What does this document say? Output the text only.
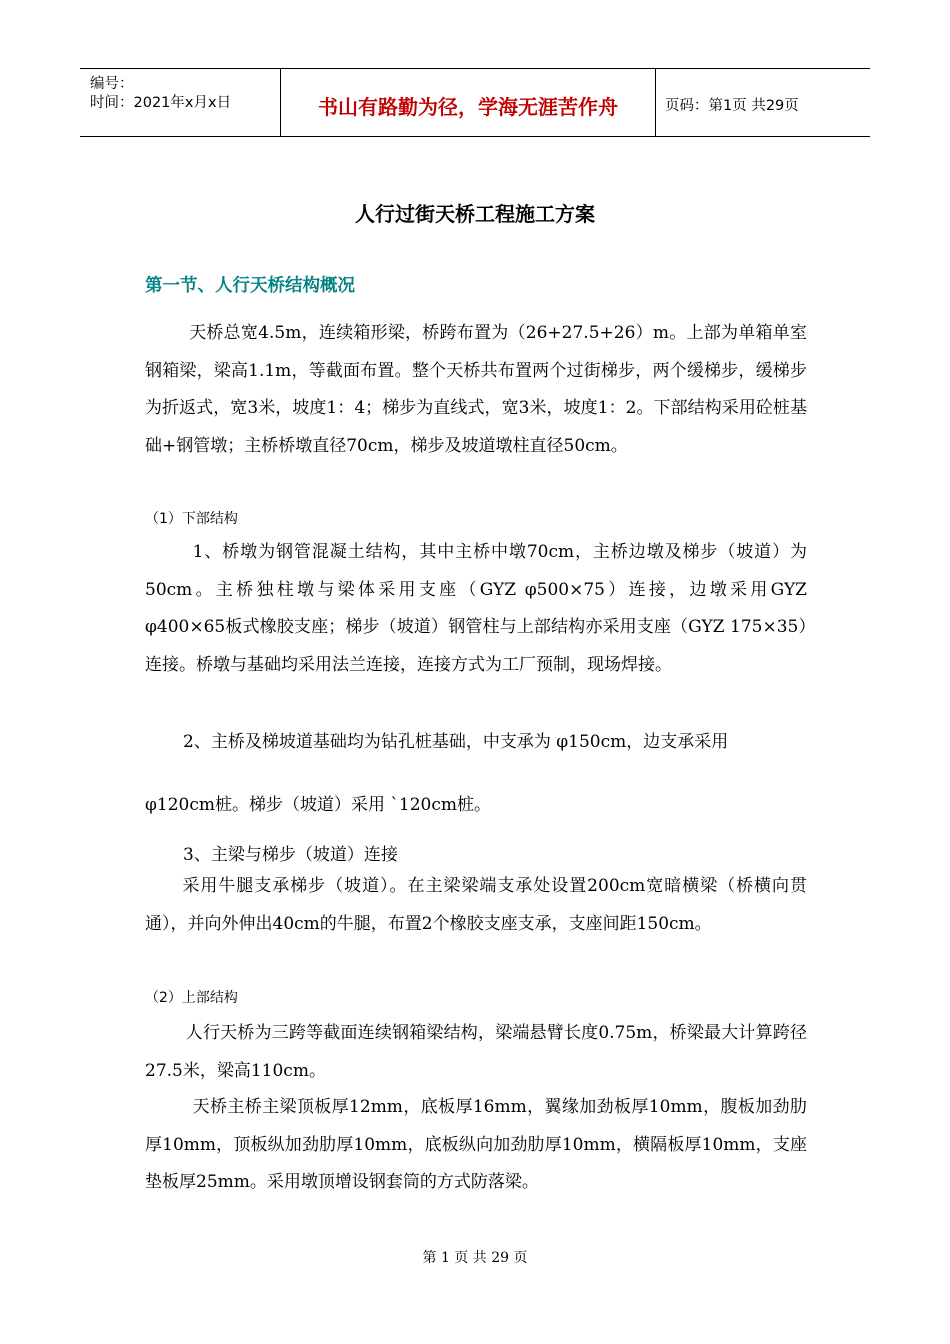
编号：
时间：2021年x月x日	书山有路勤为径，学海无涯苦作舟	页码：第1页 共29页
人行过街天桥工程施工方案
第一节、人行天桥结构概况

天桥总宽4.5m，连续箱形梁，桥跨布置为（26+27.5+26）m。上部为单箱单室钢箱梁，梁高1.1m，等截面布置。整个天桥共布置两个过街梯步，两个缓梯步，缓梯步为折返式，宽3米，坡度1：4；梯步为直线式，宽3米，坡度1：2。下部结构采用砼桩基础+钢管墩；主桥桥墩直径70cm，梯步及坡道墩柱直径50cm。

（1）下部结构

1、桥墩为钢管混凝土结构，其中主桥中墩70cm，主桥边墩及梯步（坡道）为50cm。主桥独柱墩与梁体采用支座（GYZ φ500×75）连接，边墩采用GYZ φ400×65板式橡胶支座；梯步（坡道）钢管柱与上部结构亦采用支座（GYZ 175×35）连接。桥墩与基础均采用法兰连接，连接方式为工厂预制，现场焊接。

2、主桥及梯坡道基础均为钻孔桩基础，中支承为 φ150cm，边支承采用
φ120cm桩。梯步（坡道）采用 `120cm桩。
3、主梁与梯步（坡道）连接

采用牛腿支承梯步（坡道）。在主梁梁端支承处设置200cm宽暗横梁（桥横向贯通），并向外伸出40cm的牛腿，布置2个橡胶支座支承，支座间距150cm。

（2）上部结构

人行天桥为三跨等截面连续钢箱梁结构，梁端悬臂长度0.75m，桥梁最大计算跨径27.5米，梁高110cm。

天桥主桥主梁顶板厚12mm，底板厚16mm，翼缘加劲板厚10mm，腹板加劲肋厚10mm，顶板纵加劲肋厚10mm，底板纵向加劲肋厚10mm，横隔板厚10mm，支座垫板厚25mm。采用墩顶增设钢套筒的方式防落梁。

第 1 页 共 29 页
